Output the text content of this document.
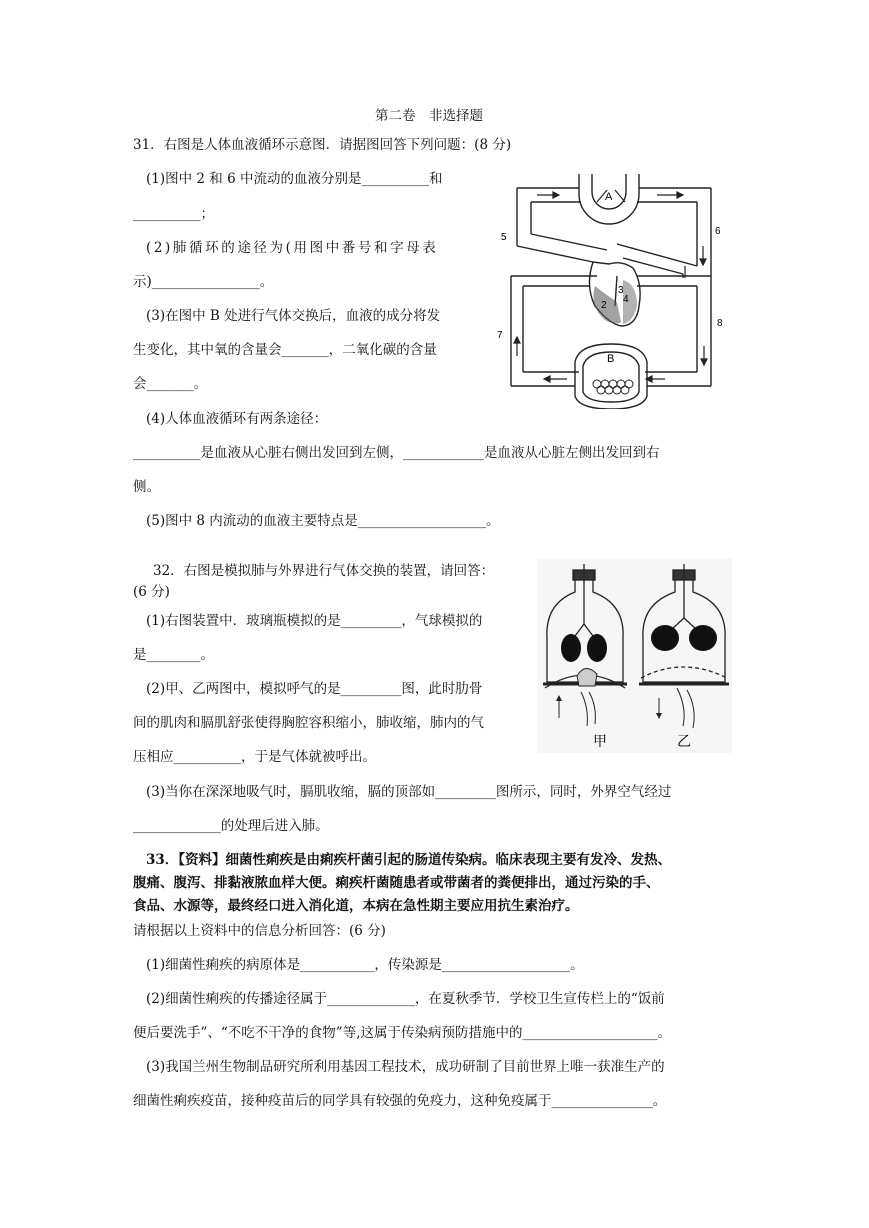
第二卷　非选择题
31．右图是人体血液循环示意图．请据图回答下列问题：(8 分)
(1)图中 2 和 6 中流动的血液分别是__________和
__________；
(2)肺循环的途径为(用图中番号和字母表
示)________________。
(3)在图中 B 处进行气体交换后，血液的成分将发
生变化，其中氧的含量会_______，二氧化碳的含量
会_______。
(4)人体血液循环有两条途径：
__________是血液从心脏右侧出发回到左侧，____________是血液从心脏左侧出发回到右
侧。
(5)图中 8 内流动的血液主要特点是___________________。
A
B
2
3
4
5
6
7
8
32．右图是模拟肺与外界进行气体交换的装置，请回答：
(6 分)
(1)右图装置中．玻璃瓶模拟的是_________，气球模拟的
是________。
(2)甲、乙两图中，模拟呼气的是_________图，此时肋骨
间的肌肉和膈肌舒张使得胸腔容积缩小，肺收缩，肺内的气
压相应__________，于是气体就被呼出。
(3)当你在深深地吸气时，膈肌收缩，膈的顶部如_________图所示，同时，外界空气经过
_____________的处理后进入肺。
甲	乙
33．【资料】细菌性痢疾是由痢疾杆菌引起的肠道传染病。临床表现主要有发冷、发热、
腹痛、腹泻、排黏液脓血样大便。痢疾杆菌随患者或带菌者的粪便排出，通过污染的手、
食品、水源等，最终经口进入消化道，本病在急性期主要应用抗生素治疗。
请根据以上资料中的信息分析回答：(6 分)
(1)细菌性痢疾的病原体是___________，传染源是___________________。
(2)细菌性痢疾的传播途径属于_____________，在夏秋季节．学校卫生宣传栏上的“饭前
便后要洗手”、“不吃不干净的食物”等,这属于传染病预防措施中的____________________。
(3)我国兰州生物制品研究所利用基因工程技术，成功研制了目前世界上唯一获准生产的
细菌性痢疾疫苗，接种疫苗后的同学具有较强的免疫力，这种免疫属于_______________。
